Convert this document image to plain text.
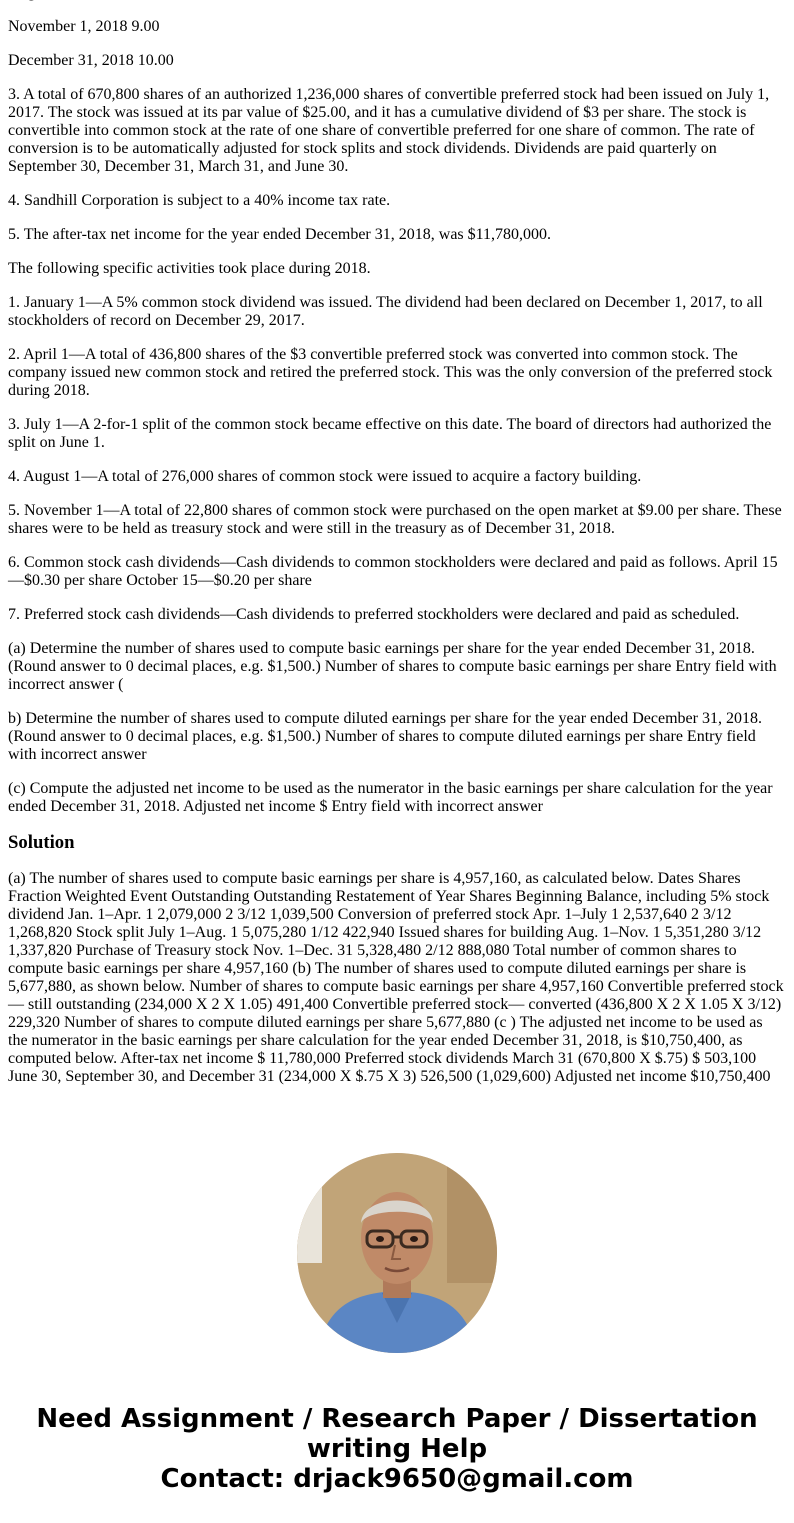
November 1, 2018 9.00

December 31, 2018 10.00

3. A total of 670,800 shares of an authorized 1,236,000 shares of convertible preferred stock had been issued on July 1, 2017. The stock was issued at its par value of $25.00, and it has a cumulative dividend of $3 per share. The stock is convertible into common stock at the rate of one share of convertible preferred for one share of common. The rate of conversion is to be automatically adjusted for stock splits and stock dividends. Dividends are paid quarterly on September 30, December 31, March 31, and June 30.

4. Sandhill Corporation is subject to a 40% income tax rate.

5. The after-tax net income for the year ended December 31, 2018, was $11,780,000.

The following specific activities took place during 2018.

1. January 1—A 5% common stock dividend was issued. The dividend had been declared on December 1, 2017, to all stockholders of record on December 29, 2017.

2. April 1—A total of 436,800 shares of the $3 convertible preferred stock was converted into common stock. The company issued new common stock and retired the preferred stock. This was the only conversion of the preferred stock during 2018.

3. July 1—A 2-for-1 split of the common stock became effective on this date. The board of directors had authorized the split on June 1.

4. August 1—A total of 276,000 shares of common stock were issued to acquire a factory building.

5. November 1—A total of 22,800 shares of common stock were purchased on the open market at $9.00 per share. These shares were to be held as treasury stock and were still in the treasury as of December 31, 2018.

6. Common stock cash dividends—Cash dividends to common stockholders were declared and paid as follows. April 15—$0.30 per share October 15—$0.20 per share

7. Preferred stock cash dividends—Cash dividends to preferred stockholders were declared and paid as scheduled.

(a) Determine the number of shares used to compute basic earnings per share for the year ended December 31, 2018. (Round answer to 0 decimal places, e.g. $1,500.) Number of shares to compute basic earnings per share Entry field with incorrect answer (

b) Determine the number of shares used to compute diluted earnings per share for the year ended December 31, 2018. (Round answer to 0 decimal places, e.g. $1,500.) Number of shares to compute diluted earnings per share Entry field with incorrect answer

(c) Compute the adjusted net income to be used as the numerator in the basic earnings per share calculation for the year ended December 31, 2018. Adjusted net income $ Entry field with incorrect answer

Solution

(a) The number of shares used to compute basic earnings per share is 4,957,160, as calculated below. Dates Shares Fraction Weighted Event Outstanding Outstanding Restatement of Year Shares Beginning Balance, including 5% stock dividend Jan. 1–Apr. 1 2,079,000 2 3/12 1,039,500 Conversion of preferred stock Apr. 1–July 1 2,537,640 2 3/12 1,268,820 Stock split July 1–Aug. 1 5,075,280 1/12 422,940 Issued shares for building Aug. 1–Nov. 1 5,351,280 3/12 1,337,820 Purchase of Treasury stock Nov. 1–Dec. 31 5,328,480 2/12 888,080 Total number of common shares to compute basic earnings per share 4,957,160 (b) The number of shares used to compute diluted earnings per share is 5,677,880, as shown below. Number of shares to compute basic earnings per share 4,957,160 Convertible preferred stock— still outstanding (234,000 X 2 X 1.05) 491,400 Convertible preferred stock— converted (436,800 X 2 X 1.05 X 3/12) 229,320 Number of shares to compute diluted earnings per share 5,677,880 (c ) The adjusted net income to be used as the numerator in the basic earnings per share calculation for the year ended December 31, 2018, is $10,750,400, as computed below. After-tax net income $ 11,780,000 Preferred stock dividends March 31 (670,800 X $.75) $ 503,100 June 30, September 30, and December 31 (234,000 X $.75 X 3) 526,500 (1,029,600) Adjusted net income $10,750,400

Need Assignment / Research Paper / Dissertation writing Help
Contact: drjack9650@gmail.com
